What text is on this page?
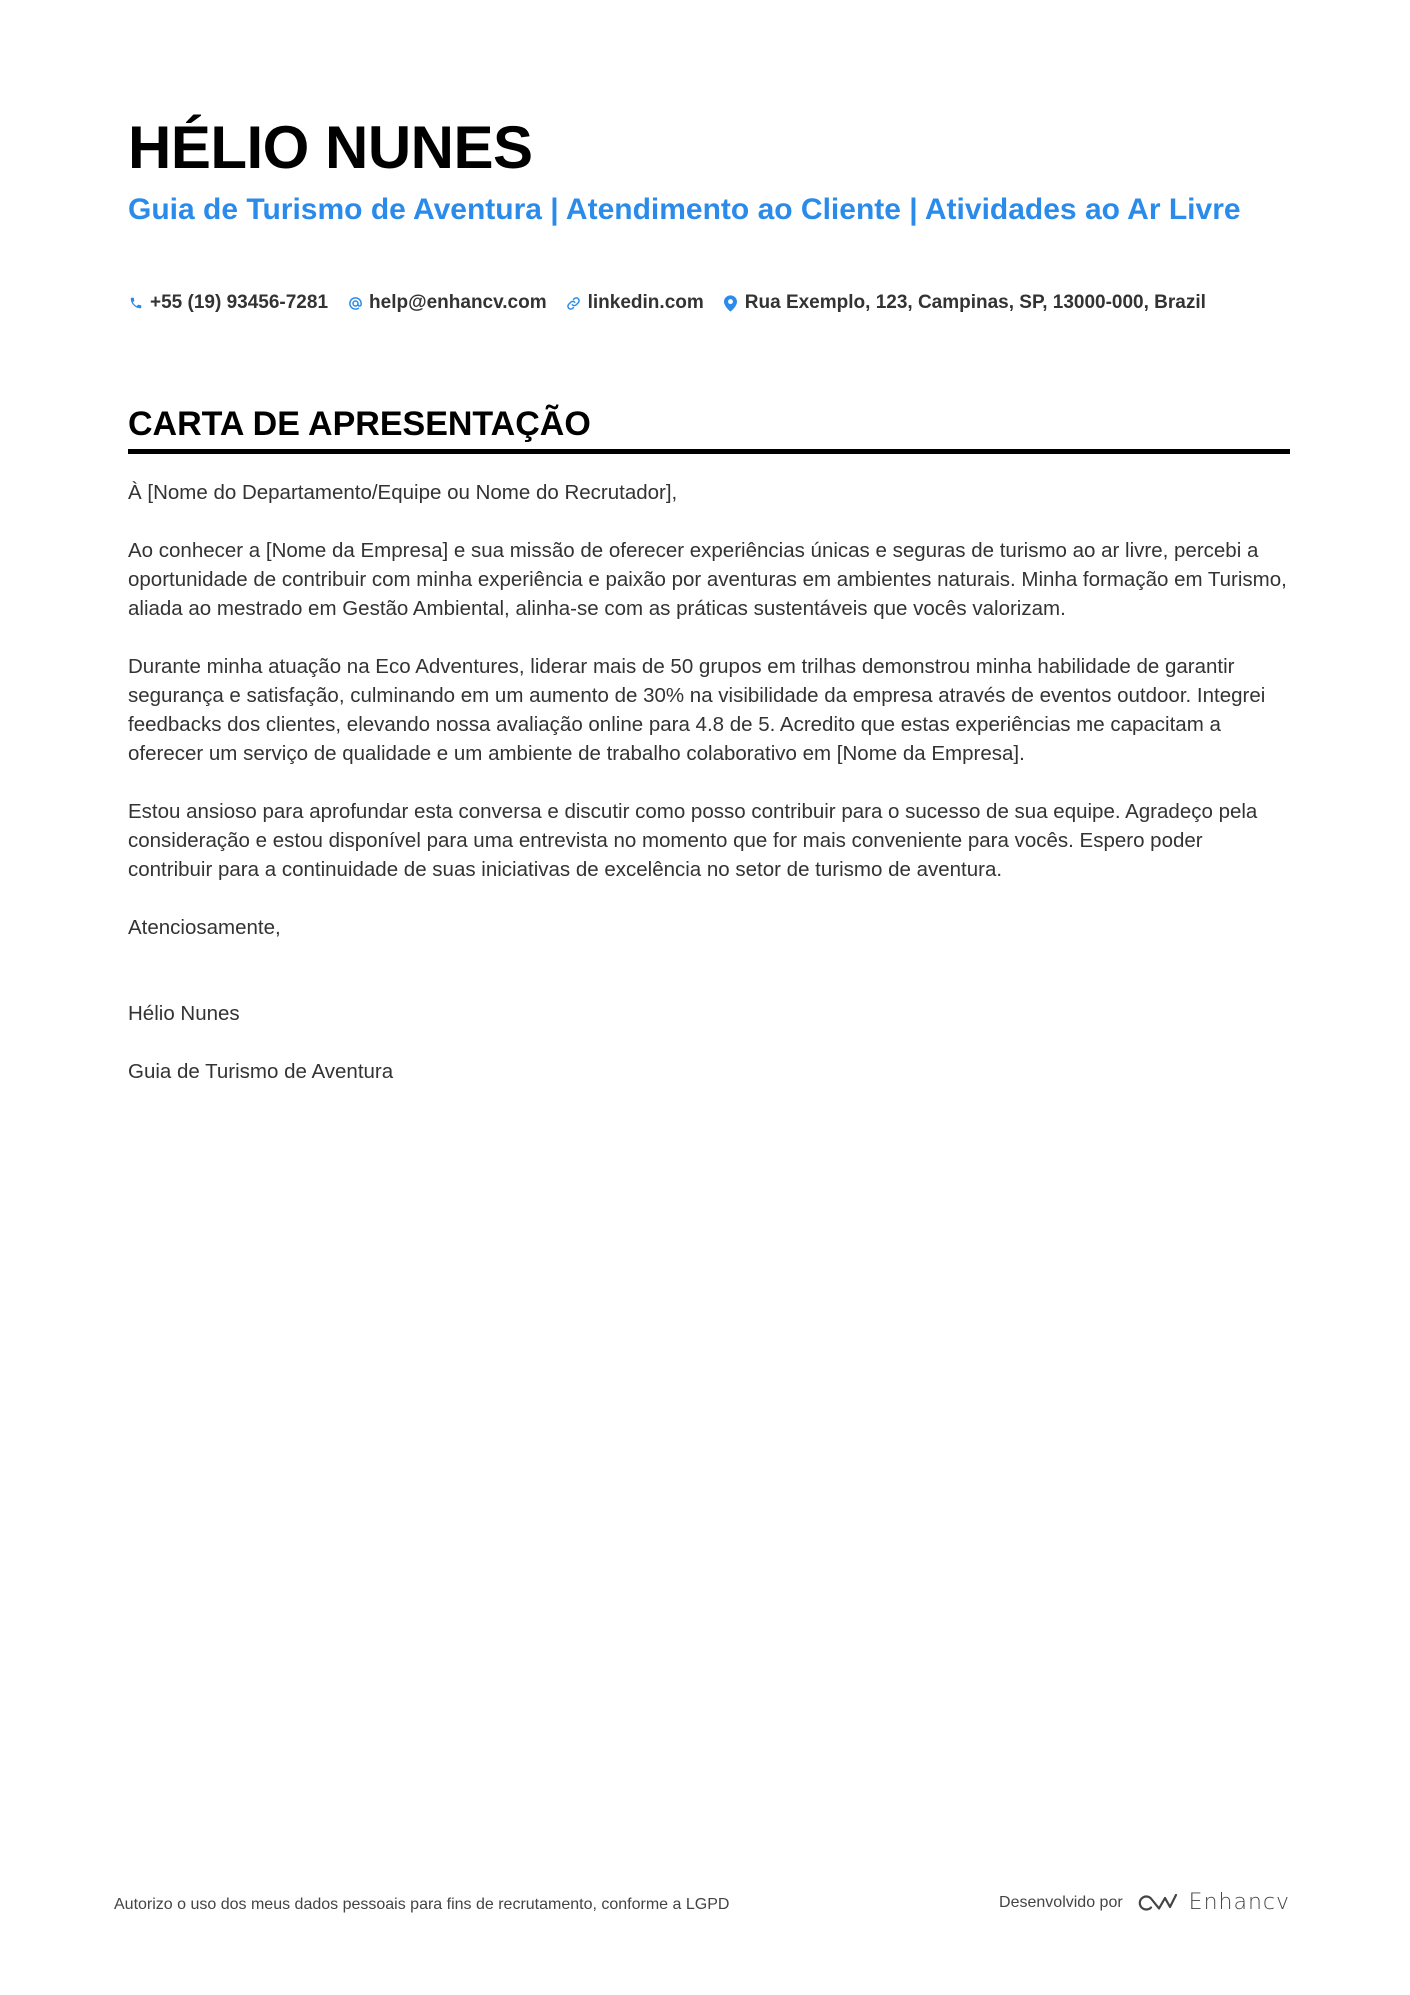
HÉLIO NUNES
Guia de Turismo de Aventura | Atendimento ao Cliente | Atividades ao Ar Livre
+55 (19) 93456-7281 help@enhancv.com linkedin.com Rua Exemplo, 123, Campinas, SP, 13000-000, Brazil
CARTA DE APRESENTAÇÃO

À [Nome do Departamento/Equipe ou Nome do Recrutador],

Ao conhecer a [Nome da Empresa] e sua missão de oferecer experiências únicas e seguras de turismo ao ar livre, percebi a oportunidade de contribuir com minha experiência e paixão por aventuras em ambientes naturais. Minha formação em Turismo, aliada ao mestrado em Gestão Ambiental, alinha-se com as práticas sustentáveis que vocês valorizam.

Durante minha atuação na Eco Adventures, liderar mais de 50 grupos em trilhas demonstrou minha habilidade de garantir segurança e satisfação, culminando em um aumento de 30% na visibilidade da empresa através de eventos outdoor. Integrei feedbacks dos clientes, elevando nossa avaliação online para 4.8 de 5. Acredito que estas experiências me capacitam a oferecer um serviço de qualidade e um ambiente de trabalho colaborativo em [Nome da Empresa].

Estou ansioso para aprofundar esta conversa e discutir como posso contribuir para o sucesso de sua equipe. Agradeço pela consideração e estou disponível para uma entrevista no momento que for mais conveniente para vocês. Espero poder contribuir para a continuidade de suas iniciativas de excelência no setor de turismo de aventura.

Atenciosamente,

Hélio Nunes

Guia de Turismo de Aventura

Autorizo o uso dos meus dados pessoais para fins de recrutamento, conforme a LGPD	Desenvolvido por	Enhancv
